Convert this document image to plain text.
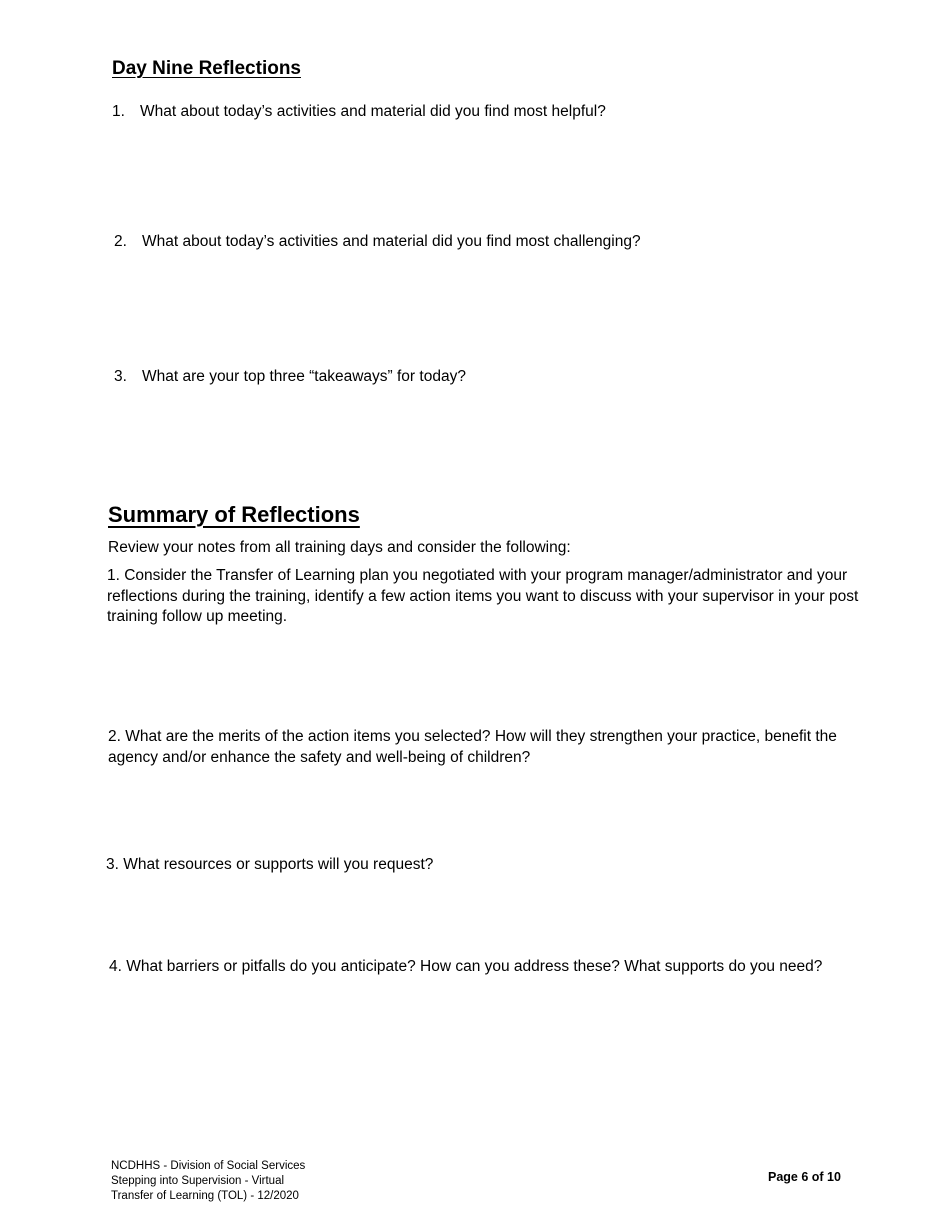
Day Nine Reflections
1. What about today’s activities and material did you find most helpful?
2. What about today’s activities and material did you find most challenging?
3. What are your top three “takeaways” for today?
Summary of Reflections
Review your notes from all training days and consider the following:
1. Consider the Transfer of Learning plan you negotiated with your program manager/administrator and your reflections during the training, identify a few action items you want to discuss with your supervisor in your post training follow up meeting.
2. What are the merits of the action items you selected? How will they strengthen your practice, benefit the agency and/or enhance the safety and well-being of children?
3. What resources or supports will you request?
4. What barriers or pitfalls do you anticipate? How can you address these? What supports do you need?
NCDHHS - Division of Social Services
Stepping into Supervision - Virtual
Transfer of Learning (TOL) - 12/2020
Page 6 of 10
